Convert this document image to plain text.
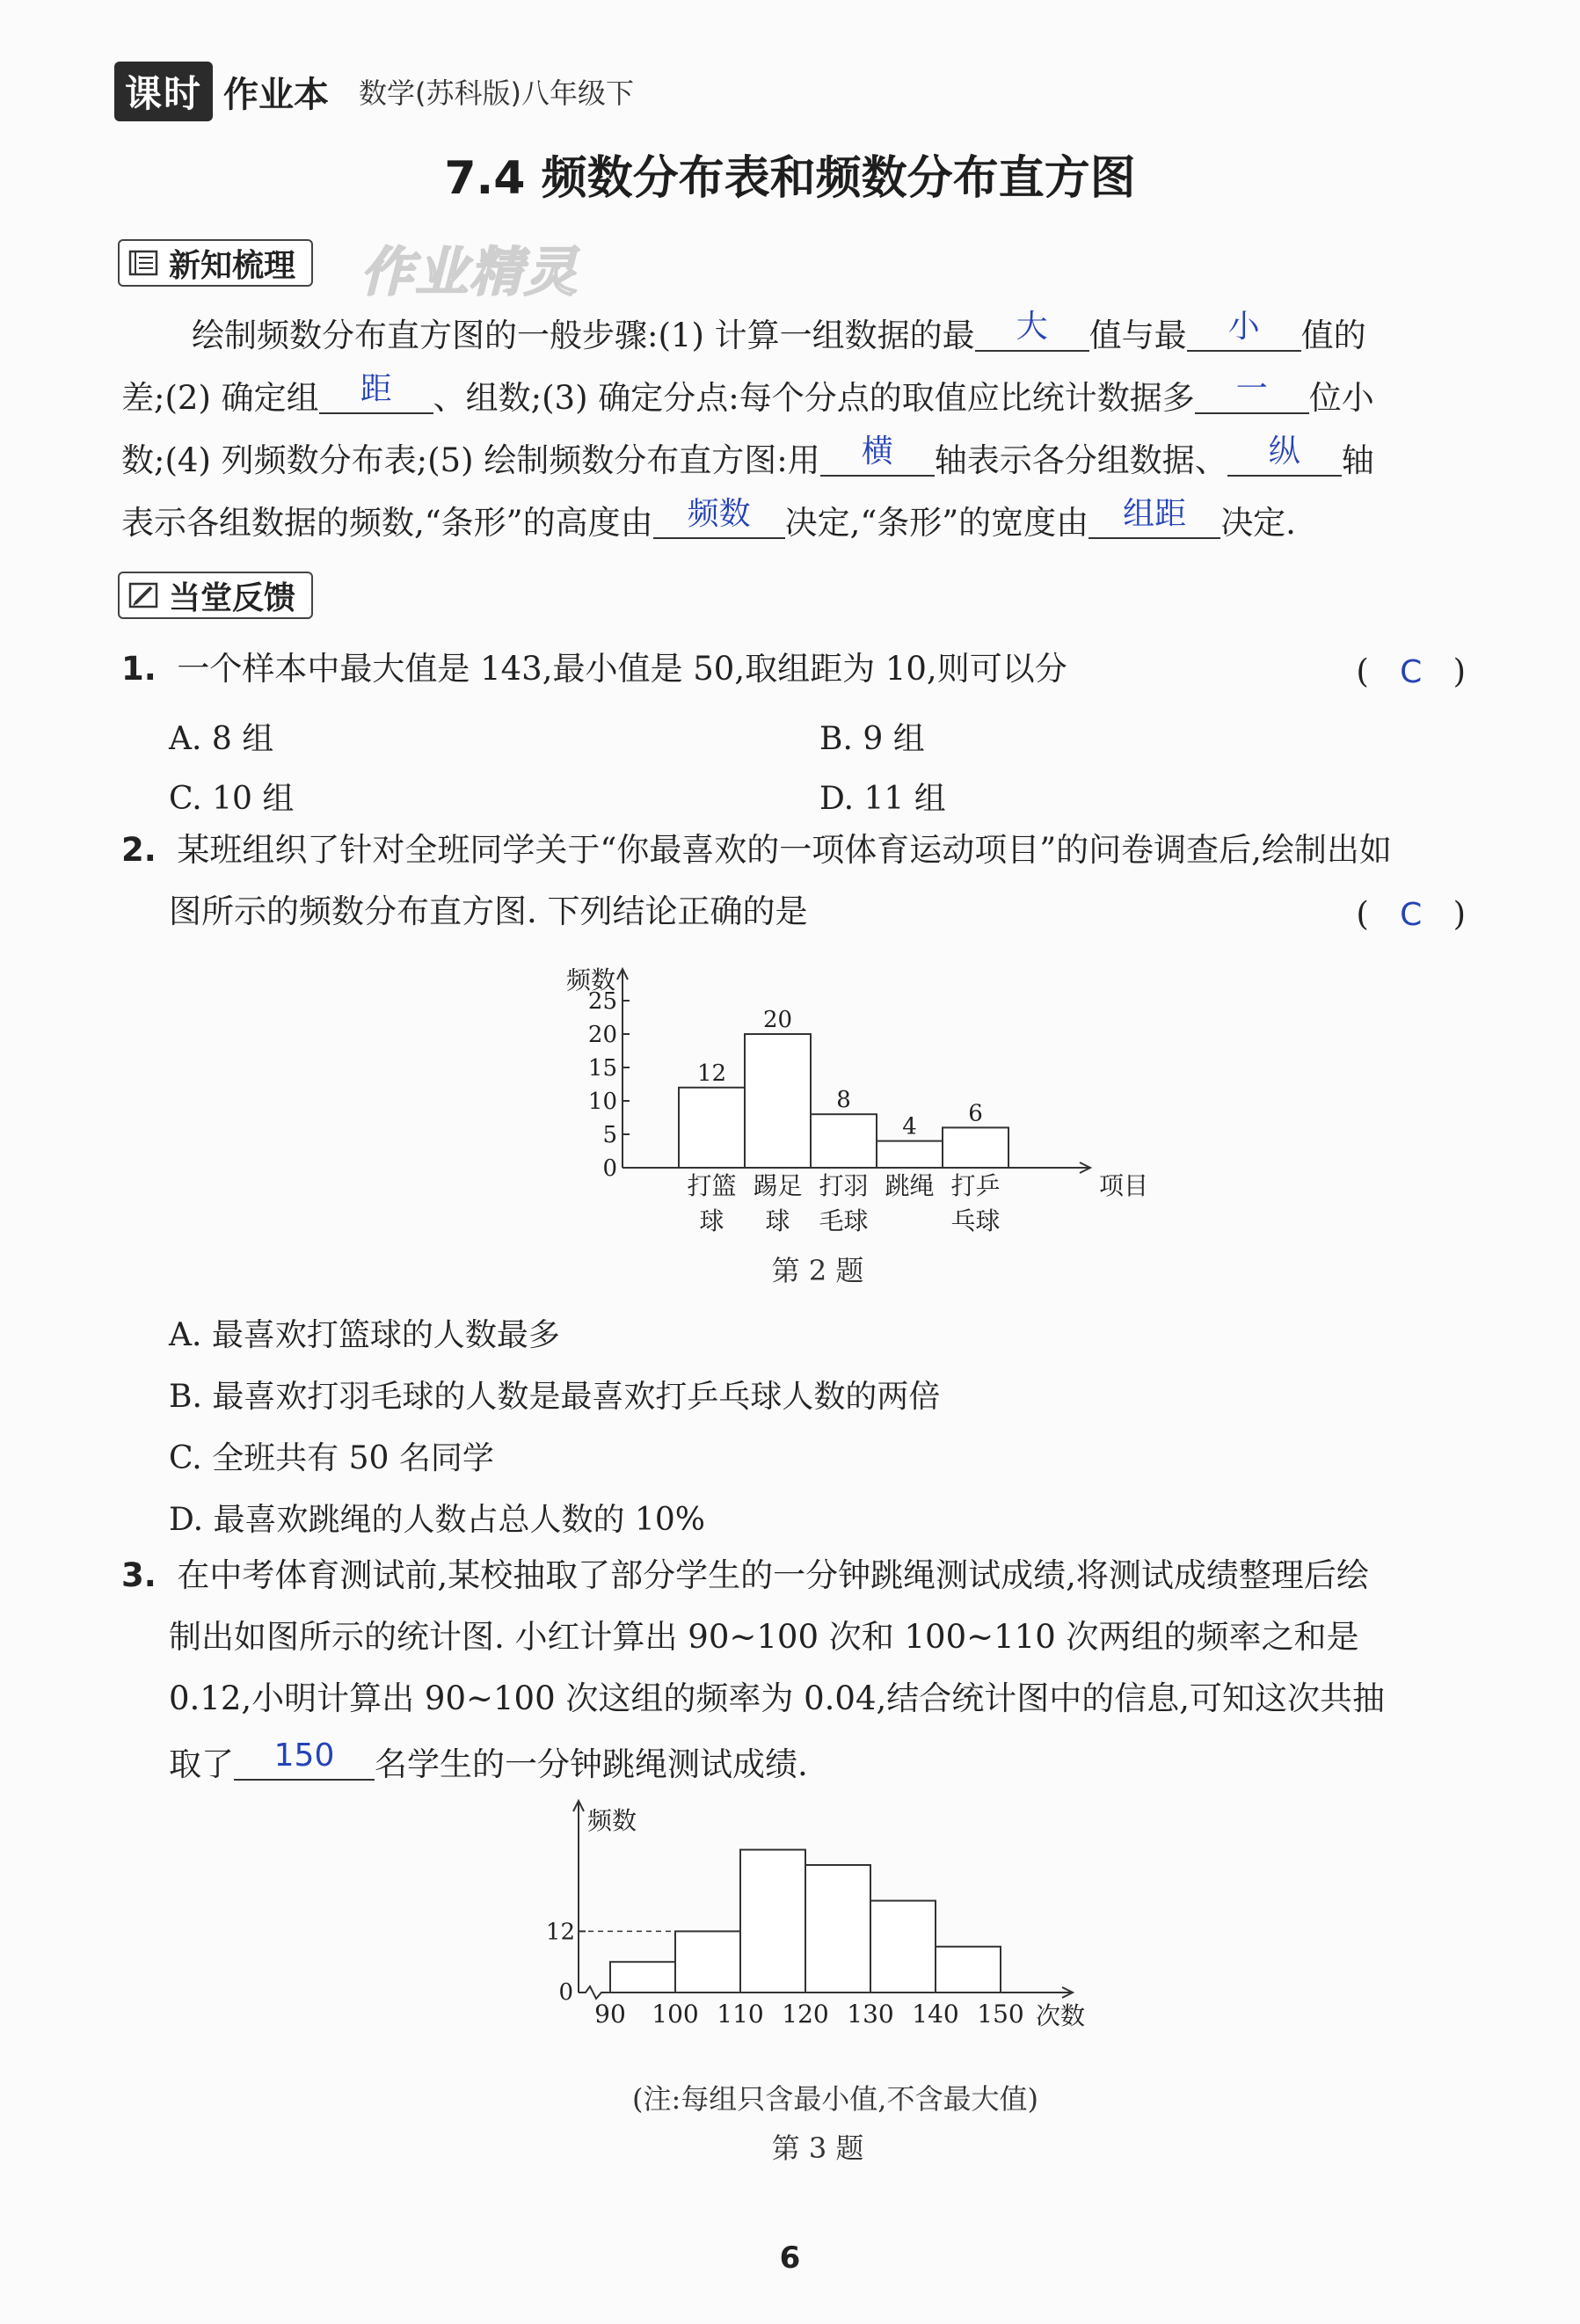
课时 作业本 数学(苏科版)八年级下
7.4 频数分布表和频数分布直方图
新知梳理 作业精灵
绘制频数分布直方图的一般步骤:(1) 计算一组数据的最	大	值与最	小	值的
差;(2) 确定组	距	、组数;(3) 确定分点:每个分点的取值应比统计数据多	一	位小
数;(4) 列频数分布表;(5) 绘制频数分布直方图:用	横	轴表示各分组数据、	纵	轴
表示各组数据的频数,“条形”的高度由	频数	决定,“条形”的宽度由	组距	决定.
当堂反馈
1. 一个样本中最大值是 143,最小值是 50,取组距为 10,则可以分	( C )
A. 8 组	B. 9 组
C. 10 组	D. 11 组
2. 某班组织了针对全班同学关于“你最喜欢的一项体育运动项目”的问卷调查后,绘制出如
图所示的频数分布直方图. 下列结论正确的是	( C )
频数
项目
0
5
10
15
20
25
12
打篮
球
20
踢足
球
8
打羽
毛球
4
跳绳
6
打乒
乓球
第 2 题
A. 最喜欢打篮球的人数最多
B. 最喜欢打羽毛球的人数是最喜欢打乒乓球人数的两倍
C. 全班共有 50 名同学
D. 最喜欢跳绳的人数占总人数的 10%
3. 在中考体育测试前,某校抽取了部分学生的一分钟跳绳测试成绩,将测试成绩整理后绘
制出如图所示的统计图. 小红计算出 90~100 次和 100~110 次两组的频率之和是
0.12,小明计算出 90~100 次这组的频率为 0.04,结合统计图中的信息,可知这次共抽
取了	150	名学生的一分钟跳绳测试成绩.
频数
次数
0
12
90 100 110 120 130 140 150
(注:每组只含最小值,不含最大值)
第 3 题
6
